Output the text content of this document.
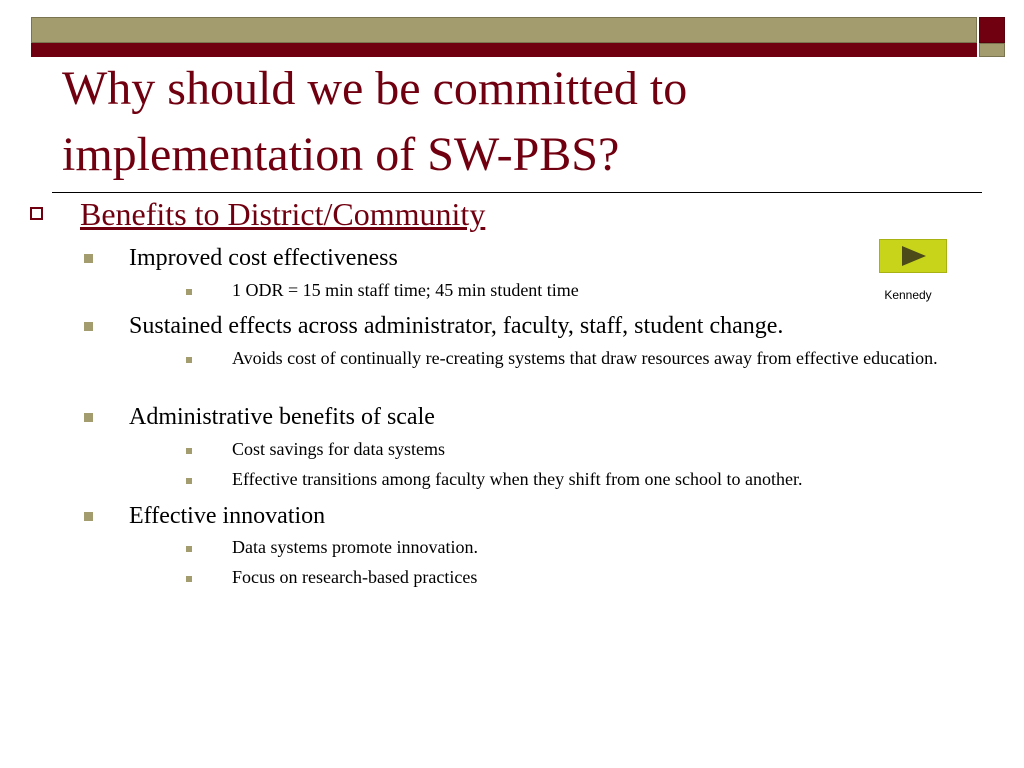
Why should we be committed to
implementation of SW-PBS?

Benefits to District/Community

Improved cost effectiveness

1 ODR = 15 min staff time; 45 min student time

Sustained effects across administrator, faculty, staff, student change.

Avoids cost of continually re-creating systems that draw resources away from effective education.

Administrative benefits of scale

Cost savings for data systems

Effective transitions among faculty when they shift from one school to another.

Effective innovation

Data systems promote innovation.

Focus on research-based practices

Kennedy
